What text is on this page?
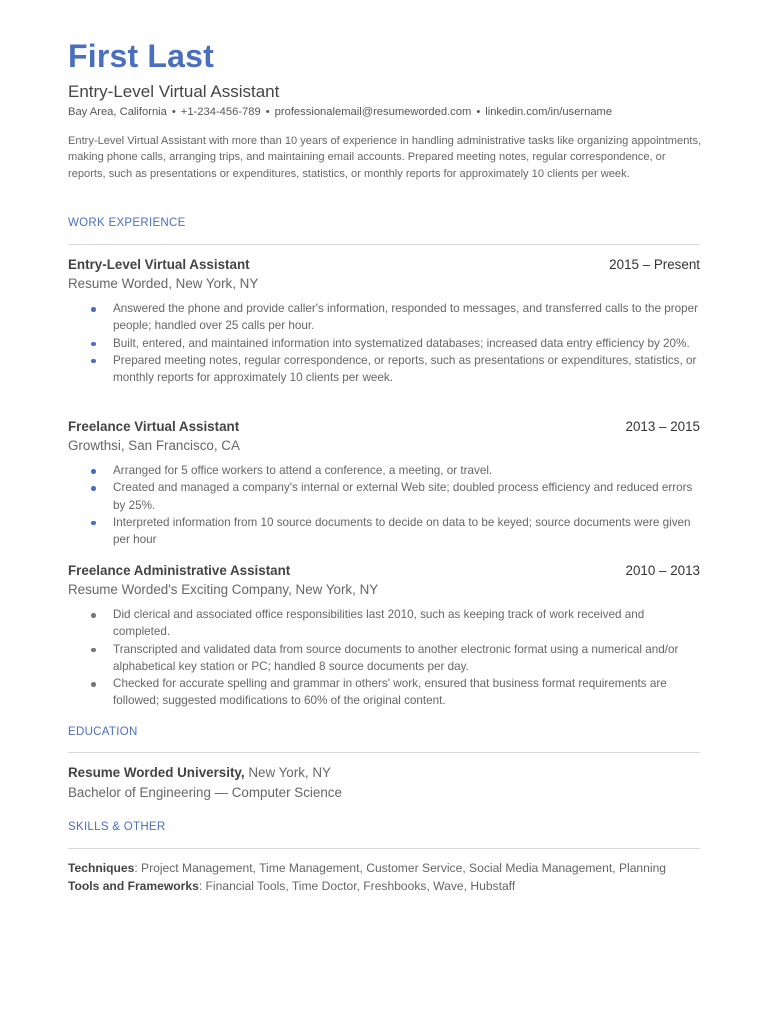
First Last
Entry-Level Virtual Assistant
Bay Area, California • +1-234-456-789 • professionalemail@resumeworded.com • linkedin.com/in/username
Entry-Level Virtual Assistant with more than 10 years of experience in handling administrative tasks like organizing appointments, making phone calls, arranging trips, and maintaining email accounts. Prepared meeting notes, regular correspondence, or reports, such as presentations or expenditures, statistics, or monthly reports for approximately 10 clients per week.
WORK EXPERIENCE
Entry-Level Virtual Assistant	2015 – Present
Resume Worded, New York, NY
Answered the phone and provide caller's information, responded to messages, and transferred calls to the proper people; handled over 25 calls per hour.
Built, entered, and maintained information into systematized databases; increased data entry efficiency by 20%.
Prepared meeting notes, regular correspondence, or reports, such as presentations or expenditures, statistics, or monthly reports for approximately 10 clients per week.
Freelance Virtual Assistant	2013 – 2015
Growthsi, San Francisco, CA
Arranged for 5 office workers to attend a conference, a meeting, or travel.
Created and managed a company's internal or external Web site; doubled process efficiency and reduced errors by 25%.
Interpreted information from 10 source documents to decide on data to be keyed; source documents were given per hour
Freelance Administrative Assistant	2010 – 2013
Resume Worded's Exciting Company, New York, NY
Did clerical and associated office responsibilities last 2010, such as keeping track of work received and completed.
Transcripted and validated data from source documents to another electronic format using a numerical and/or alphabetical key station or PC; handled 8 source documents per day.
Checked for accurate spelling and grammar in others' work, ensured that business format requirements are followed; suggested modifications to 60% of the original content.
EDUCATION
Resume Worded University, New York, NY
Bachelor of Engineering — Computer Science
SKILLS & OTHER
Techniques: Project Management, Time Management, Customer Service, Social Media Management, Planning
Tools and Frameworks: Financial Tools, Time Doctor, Freshbooks, Wave, Hubstaff
